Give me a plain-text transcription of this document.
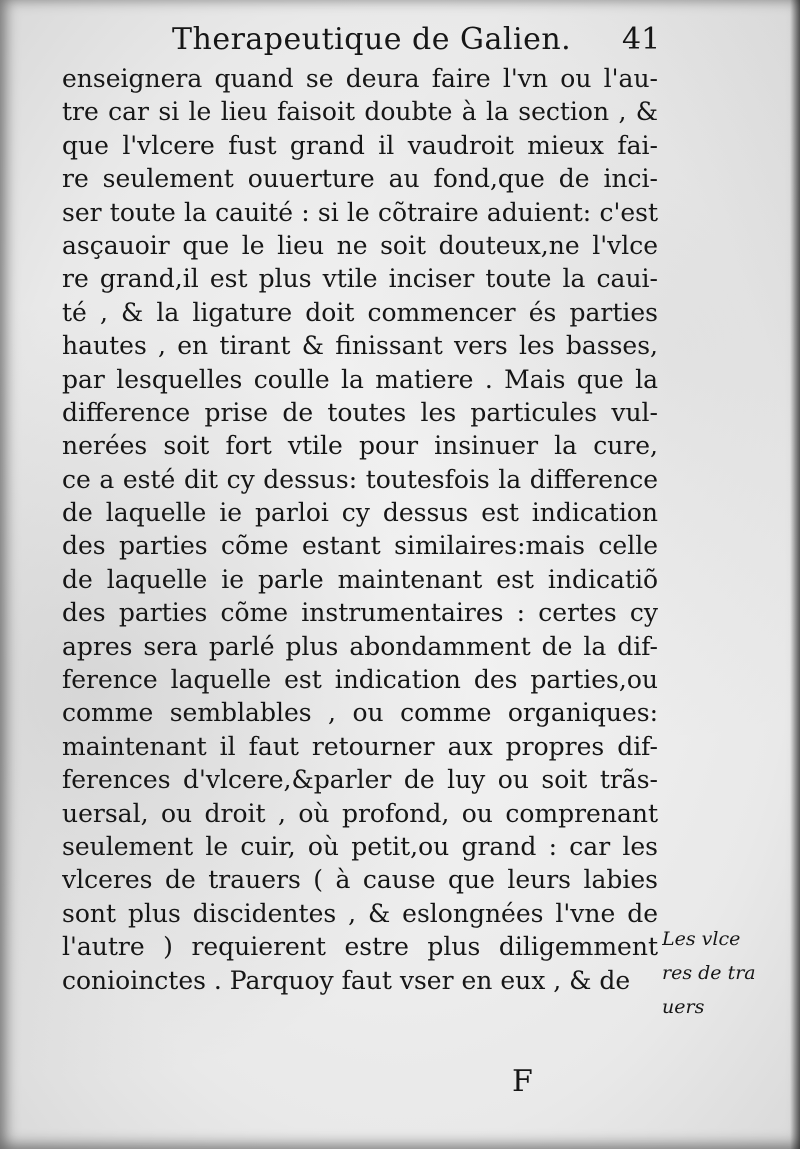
Therapeutique de Galien. 41
enseignera quand se deura faire l'vn ou l'au-
tre car si le lieu faisoit doubte à la section , &
que l'vlcere fust grand il vaudroit mieux fai-
re seulement ouuerture au fond,que de inci-
ser toute la cauité : si le cõtraire aduient: c'est
asçauoir que le lieu ne soit douteux,ne l'vlce
re grand,il est plus vtile inciser toute la caui-
té , & la ligature doit commencer és parties
hautes , en tirant & finissant vers les basses,
par lesquelles coulle la matiere . Mais que la
difference prise de toutes les particules vul-
nerées soit fort vtile pour insinuer la cure,
ce a esté dit cy dessus: toutesfois la difference
de laquelle ie parloi cy dessus est indication
des parties cõme estant similaires:mais celle
de laquelle ie parle maintenant est indicatiõ
des parties cõme instrumentaires : certes cy
apres sera parlé plus abondamment de la dif-
ference laquelle est indication des parties,ou
comme semblables , ou comme organiques:
maintenant il faut retourner aux propres dif-
ferences d'vlcere,&parler de luy ou soit trãs-
uersal, ou droit , où profond, ou comprenant
seulement le cuir, où petit,ou grand : car les
vlceres de trauers ( à cause que leurs labies
sont plus discidentes , & eslongnées l'vne de
l'autre ) requierent estre plus diligemment
conioinctes . Parquoy faut vser en eux , & de
Les vlce
res de tra
uers
F
